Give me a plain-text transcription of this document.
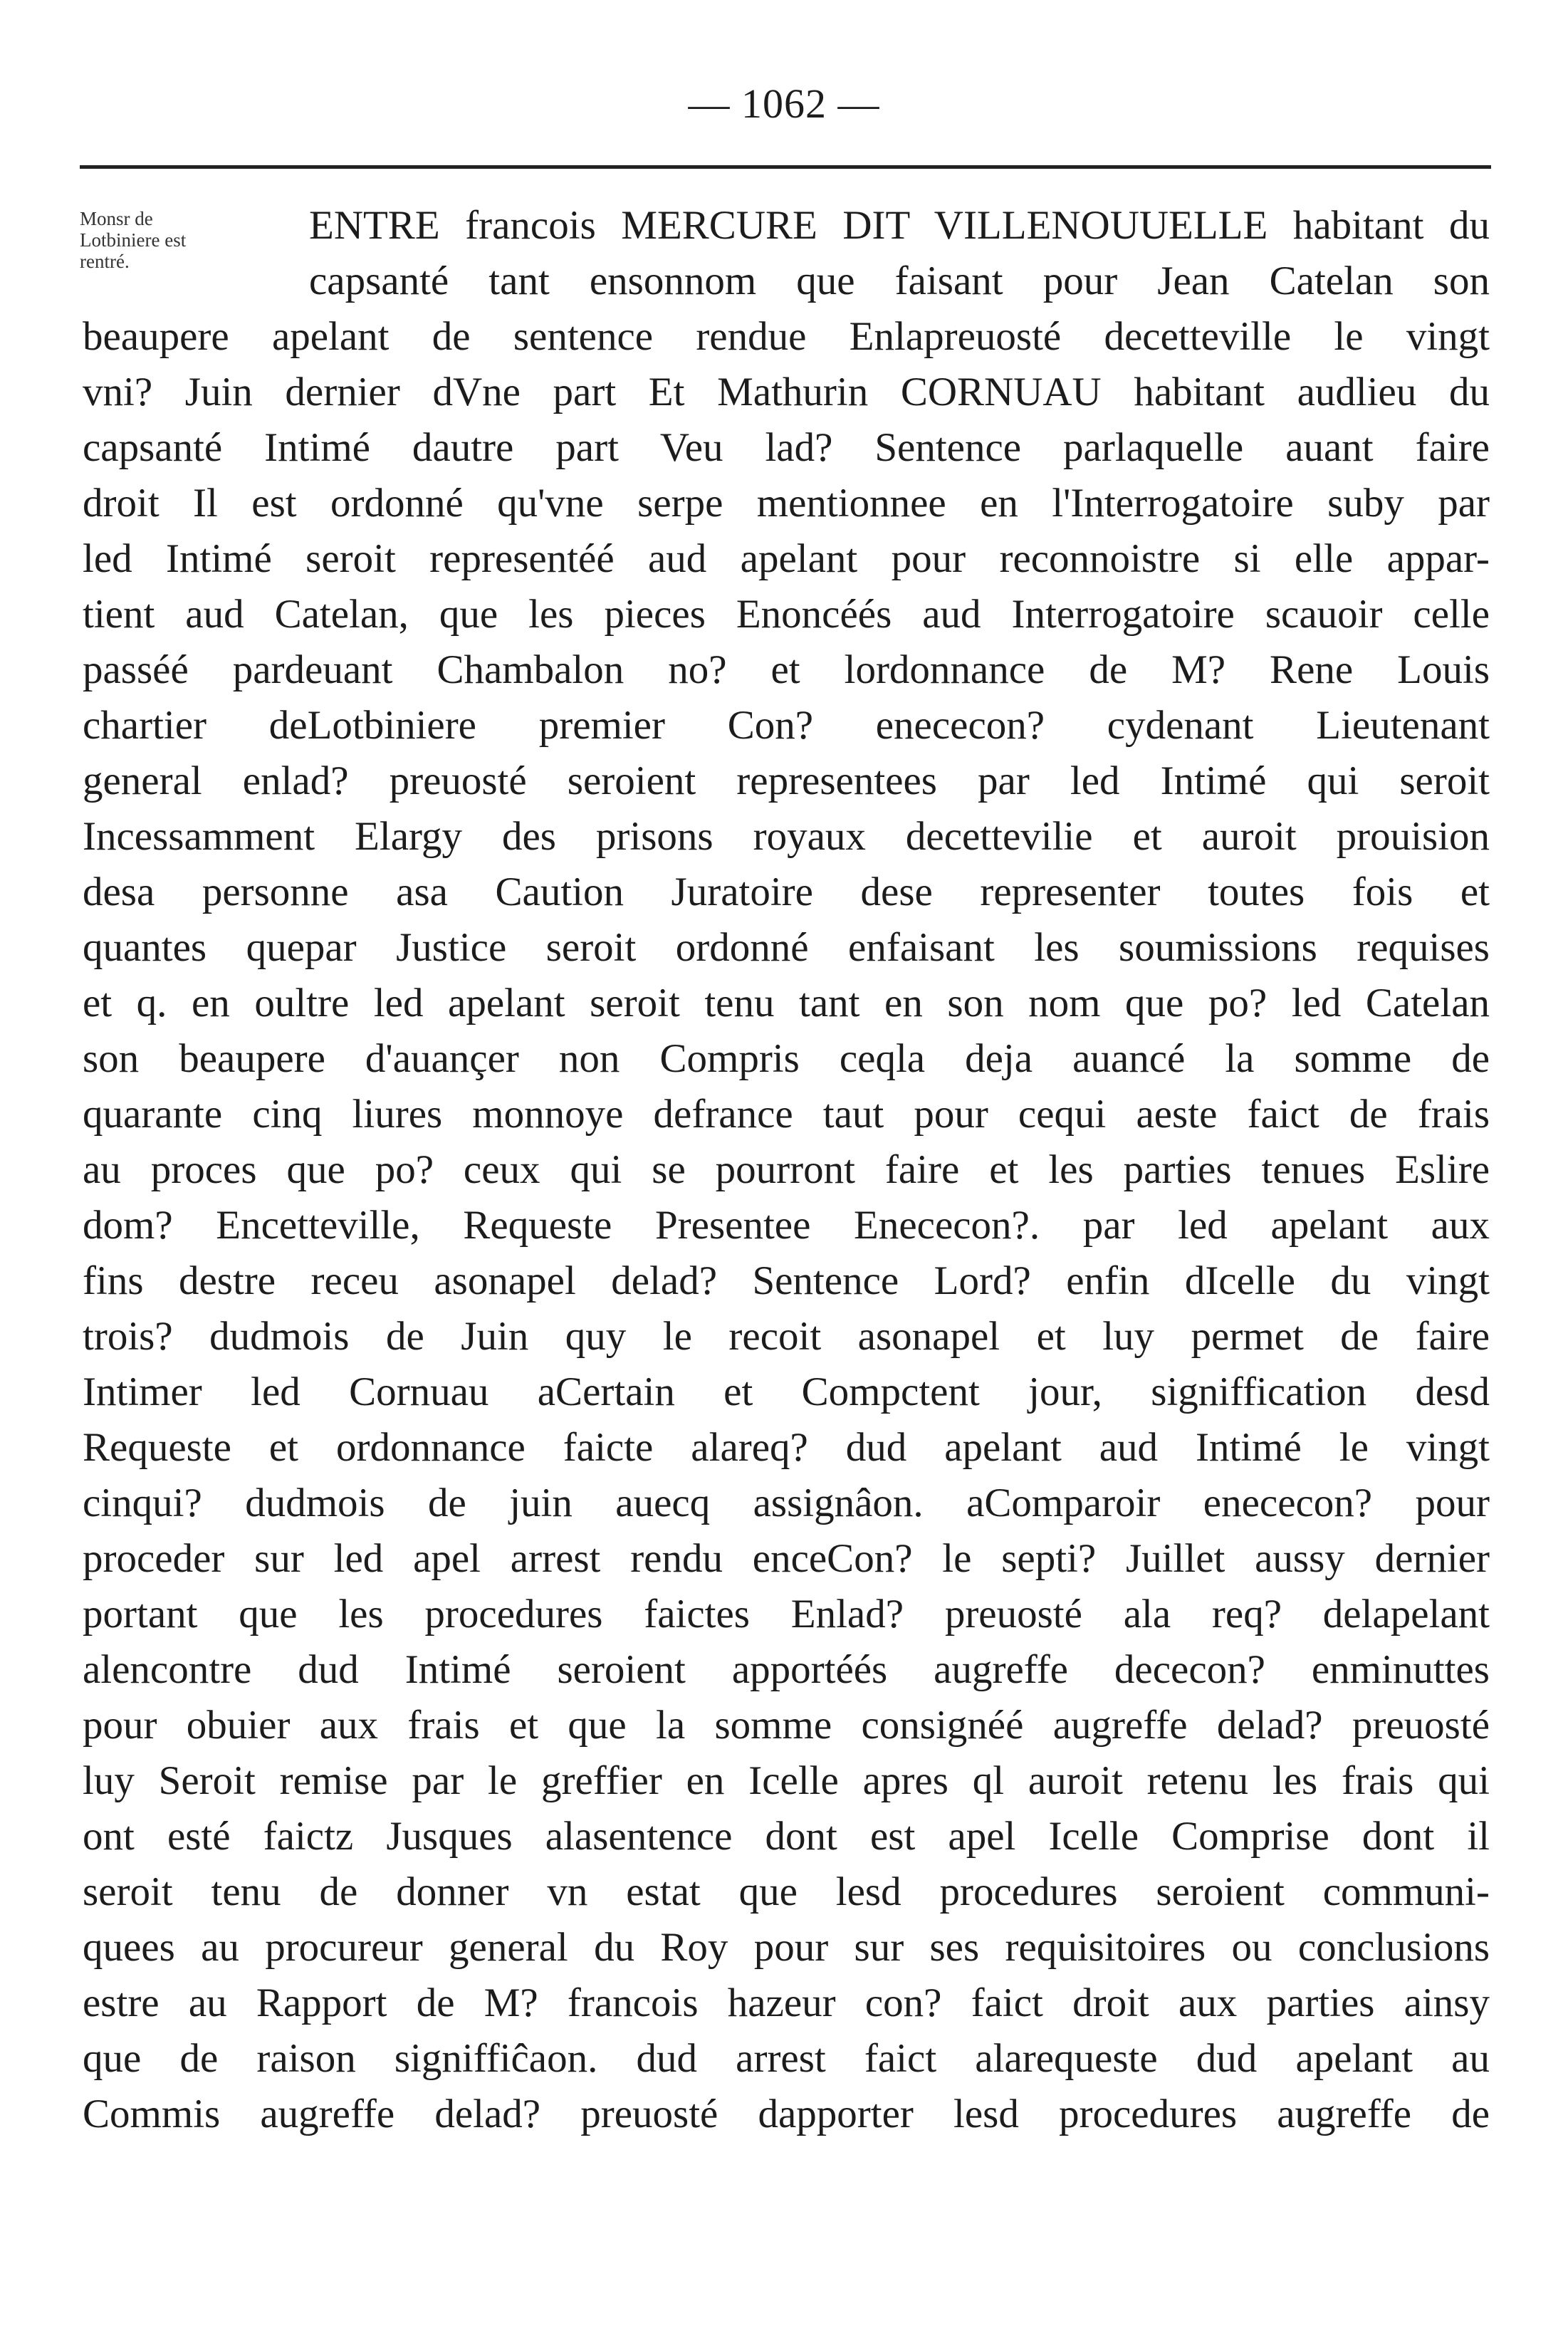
— 1062 —
Monsr de
Lotbiniere est
rentré.
ENTRE francois MERCURE DIT VILLENOUUELLE habitant du
capsanté tant ensonnom que faisant pour Jean Catelan son
beaupere apelant de sentence rendue Enlapreuosté decetteville le vingt
vni? Juin dernier dVne part Et Mathurin CORNUAU habitant audlieu du
capsanté Intimé dautre part Veu lad? Sentence parlaquelle auant faire
droit Il est ordonné qu'vne serpe mentionnee en l'Interrogatoire suby par
led Intimé seroit representéé aud apelant pour reconnoistre si elle appar-
tient aud Catelan, que les pieces Enoncéés aud Interrogatoire scauoir celle
passéé pardeuant Chambalon no? et lordonnance de M? Rene Louis
chartier deLotbiniere premier Con? enececon? cydenant Lieutenant
general enlad? preuosté seroient representees par led Intimé qui seroit
Incessamment Elargy des prisons royaux decettevilie et auroit prouision
desa personne asa Caution Juratoire dese representer toutes fois et
quantes quepar Justice seroit ordonné enfaisant les soumissions requises
et q. en oultre led apelant seroit tenu tant en son nom que po? led Catelan
son beaupere d'auançer non Compris ceqla deja auancé la somme de
quarante cinq liures monnoye defrance taut pour cequi aeste faict de frais
au proces que po? ceux qui se pourront faire et les parties tenues Eslire
dom? Encetteville, Requeste Presentee Enececon?. par led apelant aux
fins destre receu asonapel delad? Sentence Lord? enfin dIcelle du vingt
trois? dudmois de Juin quy le recoit asonapel et luy permet de faire
Intimer led Cornuau aCertain et Compctent jour, signiffication desd
Requeste et ordonnance faicte alareq? dud apelant aud Intimé le vingt
cinqui? dudmois de juin auecq assignâon. aComparoir enececon? pour
proceder sur led apel arrest rendu enceCon? le septi? Juillet aussy dernier
portant que les procedures faictes Enlad? preuosté ala req? delapelant
alencontre dud Intimé seroient apportéés augreffe dececon? enminuttes
pour obuier aux frais et que la somme consignéé augreffe delad? preuosté
luy Seroit remise par le greffier en Icelle apres ql auroit retenu les frais qui
ont esté faictz Jusques alasentence dont est apel Icelle Comprise dont il
seroit tenu de donner vn estat que lesd procedures seroient communi-
quees au procureur general du Roy pour sur ses requisitoires ou conclusions
estre au Rapport de M? francois hazeur con? faict droit aux parties ainsy
que de raison signiffiĉaon. dud arrest faict alarequeste dud apelant au
Commis augreffe delad? preuosté dapporter lesd procedures augreffe de
